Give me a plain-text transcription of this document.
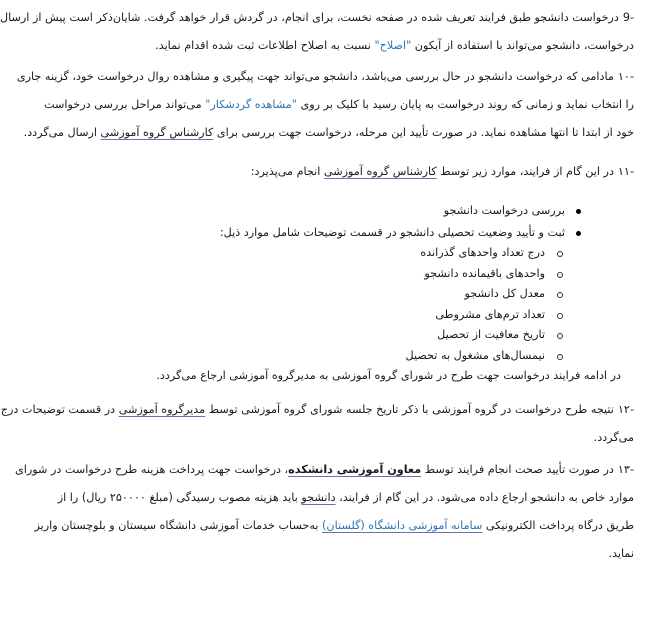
-9درخواست دانشجو طبق فرایند تعریف شده در صفحه نخست، برای انجام، در گردش قرار خواهد گرفت. شایان‌ذکر است پیش از ارسال
درخواست، دانشجو می‌تواند با استفاده از آیکون "اصلاح" نسبت به اصلاح اطلاعات ثبت شده اقدام نماید.
-۱۰مادامی که درخواست دانشجو در حال بررسی می‌باشد، دانشجو می‌تواند جهت پیگیری و مشاهده روال درخواست خود، گزینه جاری
را انتخاب نماید و زمانی که روند درخواست به پایان رسید با کلیک بر روی "مشاهده گردشکار" می‌تواند مراحل بررسی درخواست
خود از ابتدا تا انتها مشاهده نماید. در صورت تأیید این مرحله، درخواست جهت بررسی برای کارشناس گروه آموزشی ارسال می‌گردد.
-۱۱در این گام از فرایند، موارد زیر توسط کارشناس گروه آموزشی انجام می‌پذیرد:
بررسی درخواست دانشجو
ثبت و تأیید وضعیت تحصیلی دانشجو در قسمت توضیحات شامل موارد ذیل:
درج تعداد واحدهای گذرانده
واحدهای باقیمانده دانشجو
معدل کل دانشجو
تعداد ترم‌های مشروطی
تاریخ معافیت از تحصیل
نیمسال‌های مشغول به تحصیل
در ادامه فرایند درخواست جهت طرح در شورای گروه آموزشی به مدیرگروه آموزشی ارجاع می‌گردد.
-۱۲نتیجه طرح درخواست در گروه آموزشی با ذکر تاریخ جلسه شورای گروه آموزشی توسط مدیرگروه آموزشی در قسمت توضیحات درج
می‌گردد.
-۱۳در صورت تأیید صحت انجام فرایند توسط معاون آموزشی دانشکده، درخواست جهت پرداخت هزینه طرح درخواست در شورای
موارد خاص به دانشجو ارجاع داده می‌شود. در این گام از فرایند، دانشجو باید هزینه مصوب رسیدگی (مبلغ ۲۵۰۰۰۰ ریال) را از
طریق درگاه پرداخت الکترونیکی سامانه آموزشی دانشگاه (گلستان) به‌حساب خدمات آموزشی دانشگاه سیستان و بلوچستان واریز
نماید.
